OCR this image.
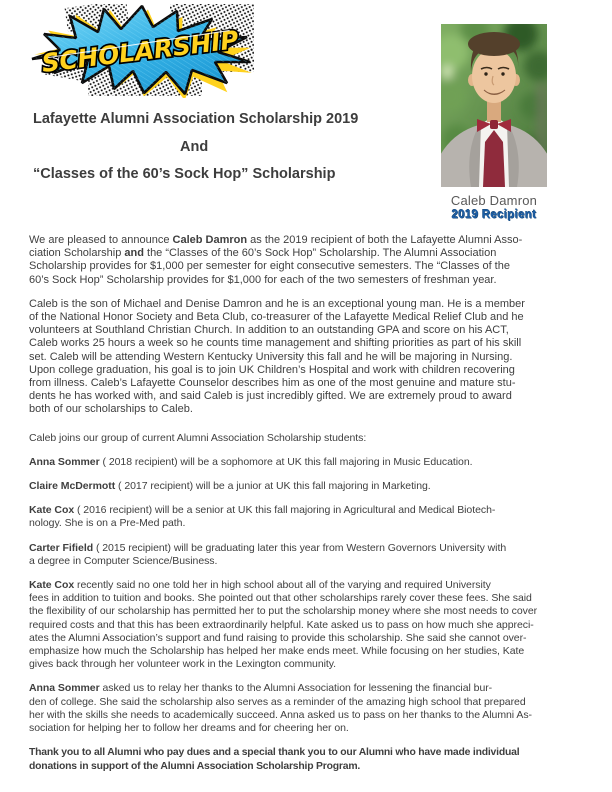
SCHOLARSHIP
Caleb Damron
2019 Recipient
Lafayette Alumni Association Scholarship 2019
And
“Classes of the 60’s Sock Hop” Scholarship
We are pleased to announce Caleb Damron as the 2019 recipient of both the Lafayette Alumni Asso-
ciation Scholarship and the “Classes of the 60’s Sock Hop” Scholarship. The Alumni Association
Scholarship provides for $1,000 per semester for eight consecutive semesters. The “Classes of the
60’s Sock Hop” Scholarship provides for $1,000 for each of the two semesters of freshman year.
Caleb is the son of Michael and Denise Damron and he is an exceptional young man. He is a member
of the National Honor Society and Beta Club, co-treasurer of the Lafayette Medical Relief Club and he
volunteers at Southland Christian Church. In addition to an outstanding GPA and score on his ACT,
Caleb works 25 hours a week so he counts time management and shifting priorities as part of his skill
set. Caleb will be attending Western Kentucky University this fall and he will be majoring in Nursing.
Upon college graduation, his goal is to join UK Children’s Hospital and work with children recovering
from illness. Caleb’s Lafayette Counselor describes him as one of the most genuine and mature stu-
dents he has worked with, and said Caleb is just incredibly gifted. We are extremely proud to award
both of our scholarships to Caleb.
Caleb joins our group of current Alumni Association Scholarship students:
Anna Sommer ( 2018 recipient) will be a sophomore at UK this fall majoring in Music Education.
Claire McDermott ( 2017 recipient) will be a junior at UK this fall majoring in Marketing.
Kate Cox ( 2016 recipient) will be a senior at UK this fall majoring in Agricultural and Medical Biotech-
nology. She is on a Pre-Med path.
Carter Fifield ( 2015 recipient) will be graduating later this year from Western Governors University with
a degree in Computer Science/Business.
Kate Cox recently said no one told her in high school about all of the varying and required University
fees in addition to tuition and books. She pointed out that other scholarships rarely cover these fees. She said
the flexibility of our scholarship has permitted her to put the scholarship money where she most needs to cover
required costs and that this has been extraordinarily helpful. Kate asked us to pass on how much she appreci-
ates the Alumni Association’s support and fund raising to provide this scholarship. She said she cannot over-
emphasize how much the Scholarship has helped her make ends meet. While focusing on her studies, Kate
gives back through her volunteer work in the Lexington community.
Anna Sommer asked us to relay her thanks to the Alumni Association for lessening the financial bur-
den of college. She said the scholarship also serves as a reminder of the amazing high school that prepared
her with the skills she needs to academically succeed. Anna asked us to pass on her thanks to the Alumni As-
sociation for helping her to follow her dreams and for cheering her on.
Thank you to all Alumni who pay dues and a special thank you to our Alumni who have made individual
donations in support of the Alumni Association Scholarship Program.
